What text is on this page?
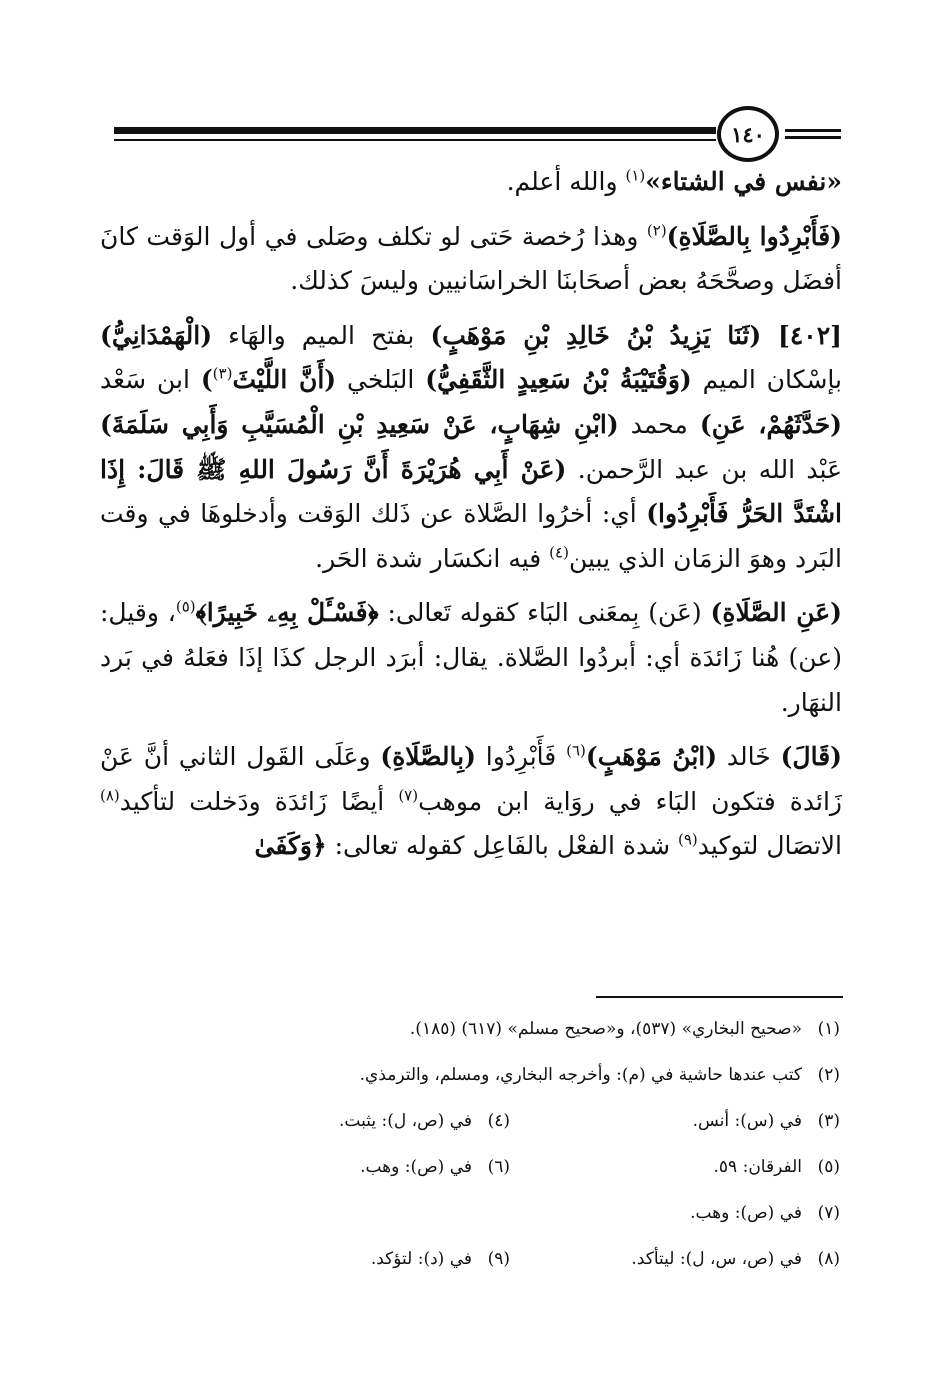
١٤٠

«نفس في الشتاء»$^{(١)}$ والله أعلم.

(فَأَبْرِدُوا بِالصَّلَاةِ)$^{(٢)}$ وهذا رُخصة حَتى لو تكلف وصَلى في أول الوَقت كانَ أفضَل وصحَّحَهُ بعض أصحَابنَا الخراسَانيين وليسَ كذلك.

[٤٠٢] (ثَنَا يَزِيدُ بْنُ خَالِدِ بْنِ مَوْهَبٍ) بفتح الميم والهَاء (الْهَمْدَانِيُّ) بإسْكان الميم (وَقُتَيْبَةُ بْنُ سَعِيدٍ الثَّقَفِيُّ) البَلخي (أَنَّ اللَّيْثَ$^{(٣)}$) ابن سَعْد (حَدَّثَهُمْ، عَنِ) محمد (ابْنِ شِهَابٍ، عَنْ سَعِيدِ بْنِ الْمُسَيَّبِ وَأَبِي سَلَمَةَ) عَبْد الله بن عبد الرَّحمن. (عَنْ أَبِي هُرَيْرَةَ أَنَّ رَسُولَ اللهِ ﷺ قَالَ: إِذَا اشْتَدَّ الحَرُّ فَأَبْرِدُوا) أي: أخرُوا الصَّلاة عن ذَلك الوَقت وأدخلوهَا في وقت البَرد وهوَ الزمَان الذي يبين$^{(٤)}$ فيه انكسَار شدة الحَر.

(عَنِ الصَّلَاةِ) (عَن) بِمعَنى البَاء كقوله تَعالى: ﴿فَسْـَٔلْ بِهِۦ خَبِيرًا﴾$^{(٥)}$، وقيل: (عن) هُنا زَائدَة أي: أبردُوا الصَّلاة. يقال: أبرَد الرجل كذَا إذَا فعَلهُ في بَرد النهَار.

(قَالَ) خَالد (ابْنُ مَوْهَبٍ)$^{(٦)}$ فَأَبْرِدُوا (بِالصَّلَاةِ) وعَلَى القَول الثاني أنَّ عَنْ زَائدة فتكون البَاء في روَاية ابن موهب$^{(٧)}$ أيضًا زَائدَة ودَخلت لتأكيد$^{(٨)}$ الاتصَال لتوكيد$^{(٩)}$ شدة الفعْل بالفَاعِل كقوله تعالى: ﴿وَكَفَىٰ

(١)«صحيح البخاري» (٥٣٧)، و«صحيح مسلم» (٦١٧) (١٨٥).
(٢)كتب عندها حاشية في (م): وأخرجه البخاري، ومسلم، والترمذي.
(٣)في (س): أنس.
(٤)في (ص، ل): يثبت.
(٥)الفرقان: ٥٩.
(٦)في (ص): وهب.
(٧)في (ص): وهب.
(٨)في (ص، س، ل): ليتأكد.
(٩)في (د): لتؤكد.
